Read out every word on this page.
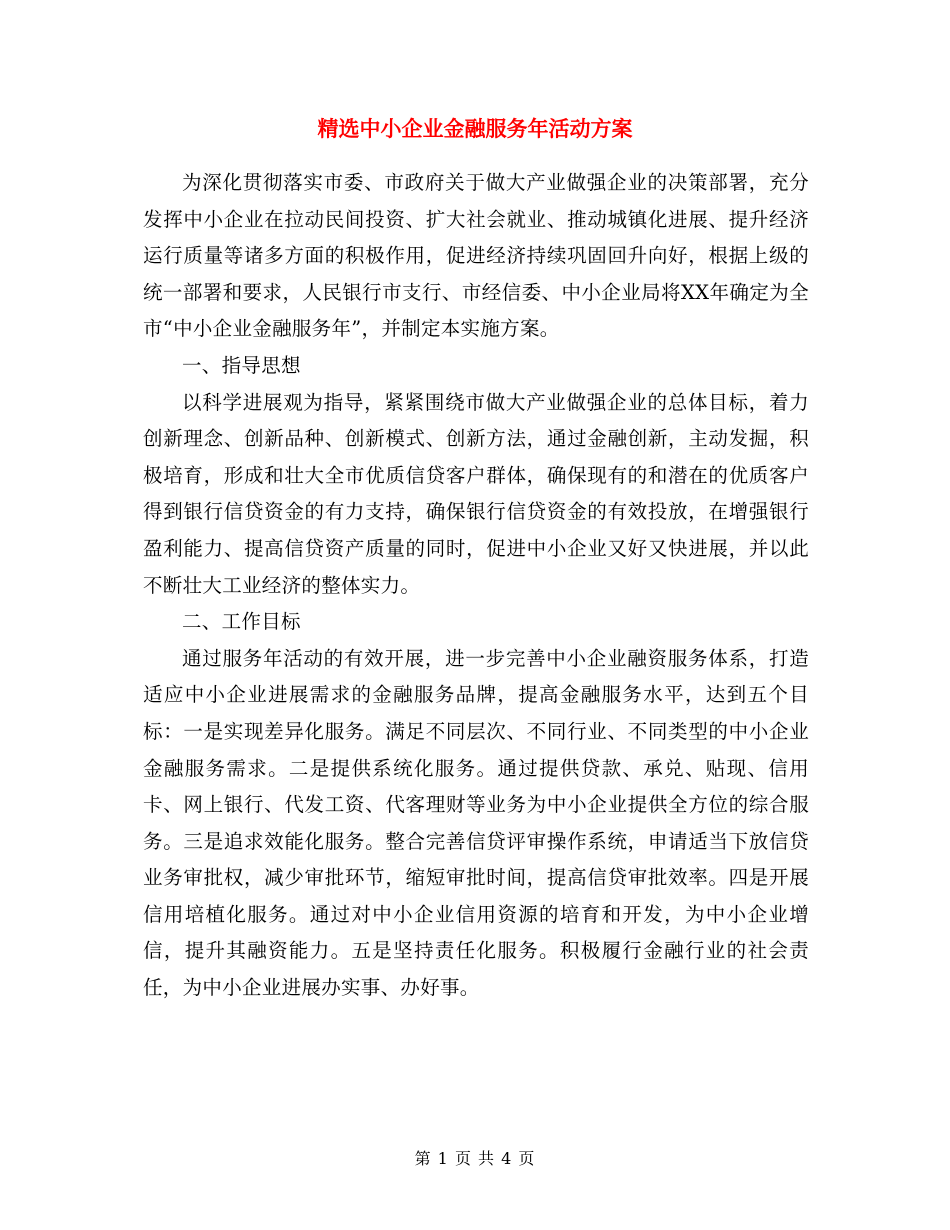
精选中小企业金融服务年活动方案

为深化贯彻落实市委、市政府关于做大产业做强企业的决策部署，充分发挥中小企业在拉动民间投资、扩大社会就业、推动城镇化进展、提升经济运行质量等诸多方面的积极作用，促进经济持续巩固回升向好，根据上级的统一部署和要求，人民银行市支行、市经信委、中小企业局将XX年确定为全市“中小企业金融服务年”，并制定本实施方案。

一、指导思想

以科学进展观为指导，紧紧围绕市做大产业做强企业的总体目标，着力创新理念、创新品种、创新模式、创新方法，通过金融创新，主动发掘，积极培育，形成和壮大全市优质信贷客户群体，确保现有的和潜在的优质客户得到银行信贷资金的有力支持，确保银行信贷资金的有效投放，在增强银行盈利能力、提高信贷资产质量的同时，促进中小企业又好又快进展，并以此不断壮大工业经济的整体实力。

二、工作目标

通过服务年活动的有效开展，进一步完善中小企业融资服务体系，打造适应中小企业进展需求的金融服务品牌，提高金融服务水平，达到五个目标：一是实现差异化服务。满足不同层次、不同行业、不同类型的中小企业金融服务需求。二是提供系统化服务。通过提供贷款、承兑、贴现、信用卡、网上银行、代发工资、代客理财等业务为中小企业提供全方位的综合服务。三是追求效能化服务。整合完善信贷评审操作系统，申请适当下放信贷业务审批权，减少审批环节，缩短审批时间，提高信贷审批效率。四是开展信用培植化服务。通过对中小企业信用资源的培育和开发，为中小企业增信，提升其融资能力。五是坚持责任化服务。积极履行金融行业的社会责任，为中小企业进展办实事、办好事。

第 1 页 共 4 页
